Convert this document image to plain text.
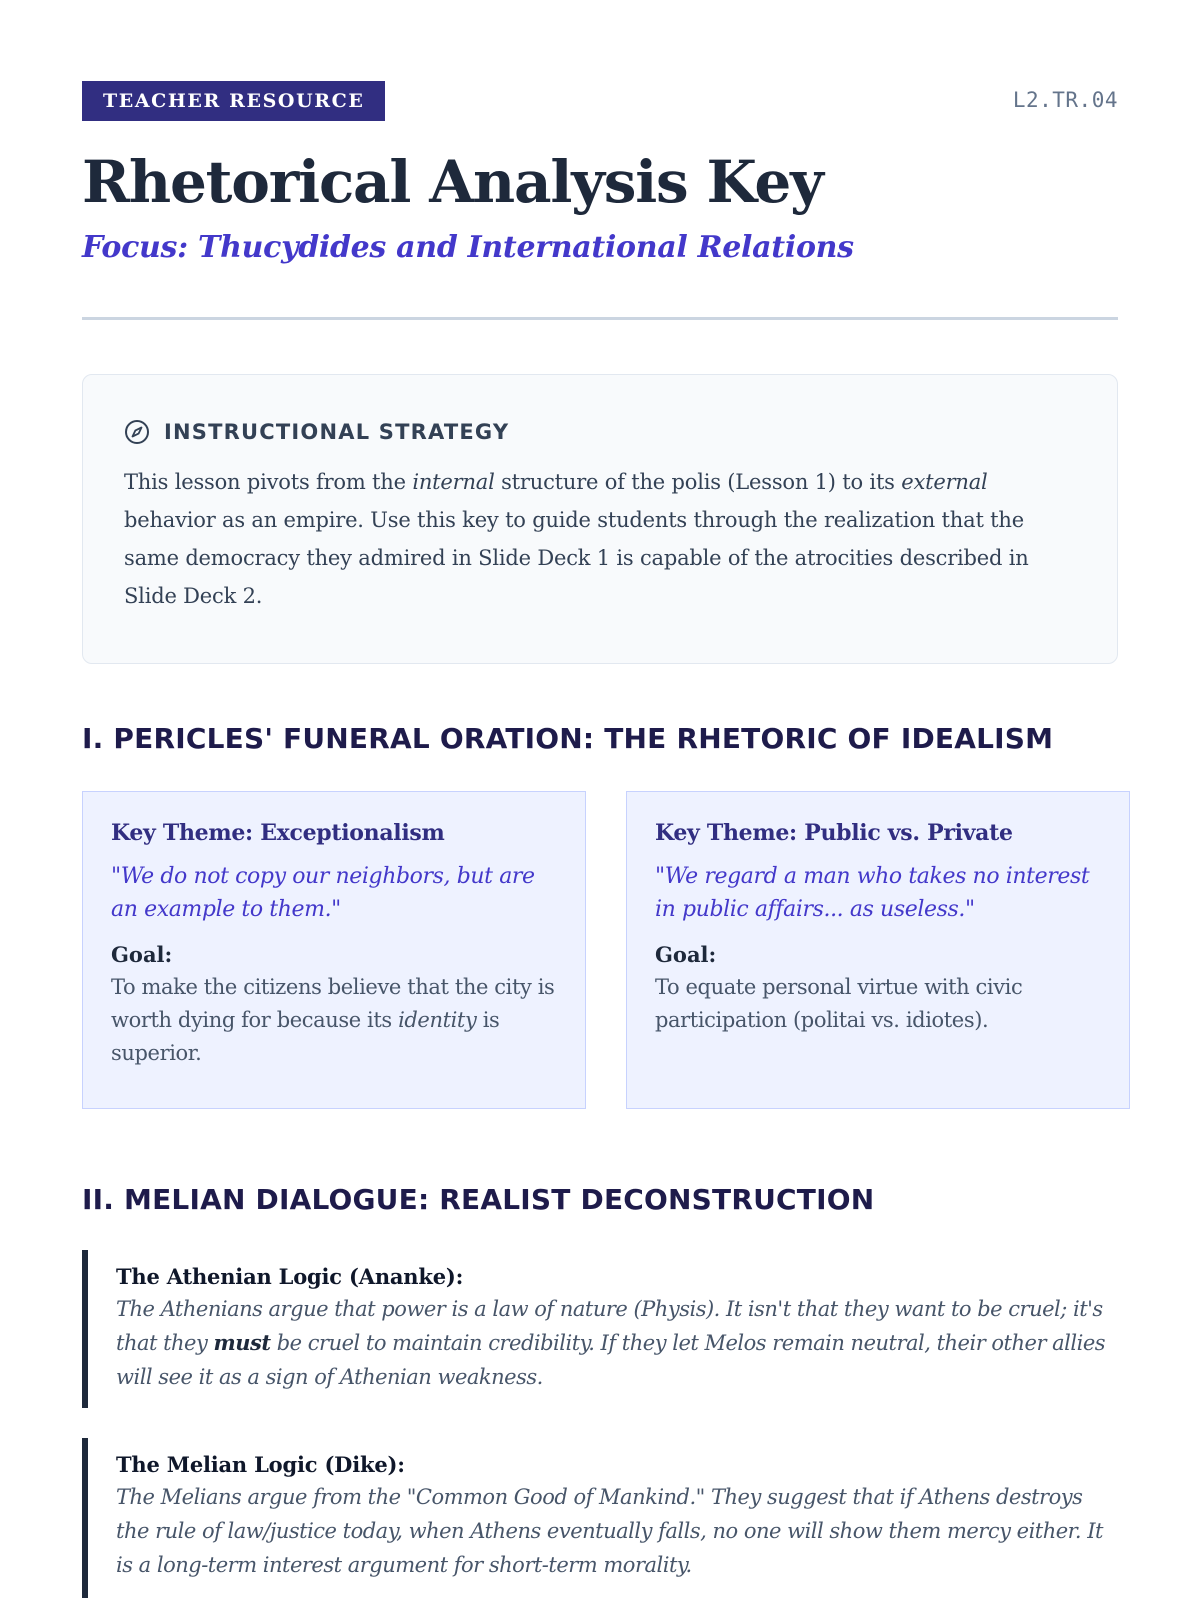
TEACHER RESOURCE	L2.TR.04
Rhetorical Analysis Key
Focus: Thucydides and International Relations
INSTRUCTIONAL STRATEGY

This lesson pivots from the internal structure of the polis (Lesson 1) to its external behavior as an empire. Use this key to guide students through the realization that the same democracy they admired in Slide Deck 1 is capable of the atrocities described in Slide Deck 2.

I. PERICLES' FUNERAL ORATION: THE RHETORIC OF IDEALISM

Key Theme: Exceptionalism

"We do not copy our neighbors, but are an example to them."

Goal:

To make the citizens believe that the city is worth dying for because its identity is superior.

Key Theme: Public vs. Private

"We regard a man who takes no interest in public affairs... as useless."

Goal:

To equate personal virtue with civic participation (politai vs. idiotes).

II. MELIAN DIALOGUE: REALIST DECONSTRUCTION

The Athenian Logic (Ananke):

The Athenians argue that power is a law of nature (Physis). It isn't that they want to be cruel; it's that they must be cruel to maintain credibility. If they let Melos remain neutral, their other allies will see it as a sign of Athenian weakness.

The Melian Logic (Dike):

The Melians argue from the "Common Good of Mankind." They suggest that if Athens destroys the rule of law/justice today, when Athens eventually falls, no one will show them mercy either. It is a long-term interest argument for short-term morality.
